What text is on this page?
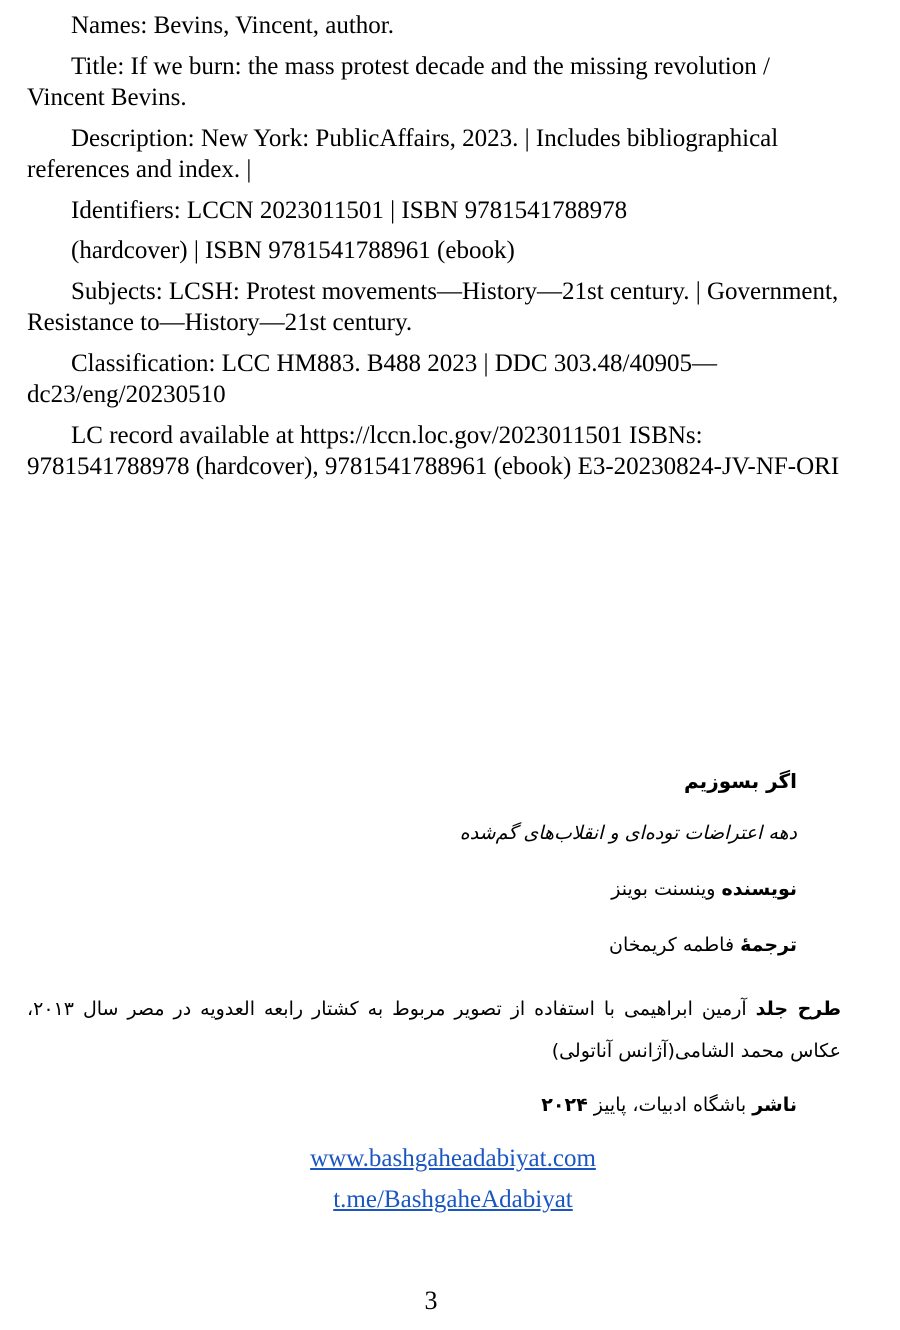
Names: Bevins, Vincent, author.

Title: If we burn: the mass protest decade and the missing revolution / Vincent Bevins.

Description: New York: PublicAffairs, 2023. | Includes bibliographical references and index. |

Identifiers: LCCN 2023011501 | ISBN 9781541788978

(hardcover) | ISBN 9781541788961 (ebook)

Subjects: LCSH: Protest movements—History—21st century. | Government, Resistance to—History—21st century.

Classification: LCC HM883. B488 2023 | DDC 303.48/40905—dc23/eng/20230510

LC record available at https://lccn.loc.gov/2023011501 ISBNs: 9781541788978 (hardcover), 9781541788961 (ebook) E3-20230824-JV-NF-ORI

اگر بسوزیم
دهه اعتراضات توده‌ای و انقلاب‌های گم‌شده
نویسنده وینسنت بوینز
ترجمهٔ فاطمه کریمخان
طرح جلد آرمین ابراهیمی با استفاده از تصویر مربوط به کشتار رابعه العدویه در مصر سال ۲۰۱۳، عکاس محمد الشامی(آژانس آناتولی)
ناشر باشگاه ادبیات، پاییز ۲۰۲۴
www.bashgaheadabiyat.com
t.me/BashgaheAdabiyat
3
